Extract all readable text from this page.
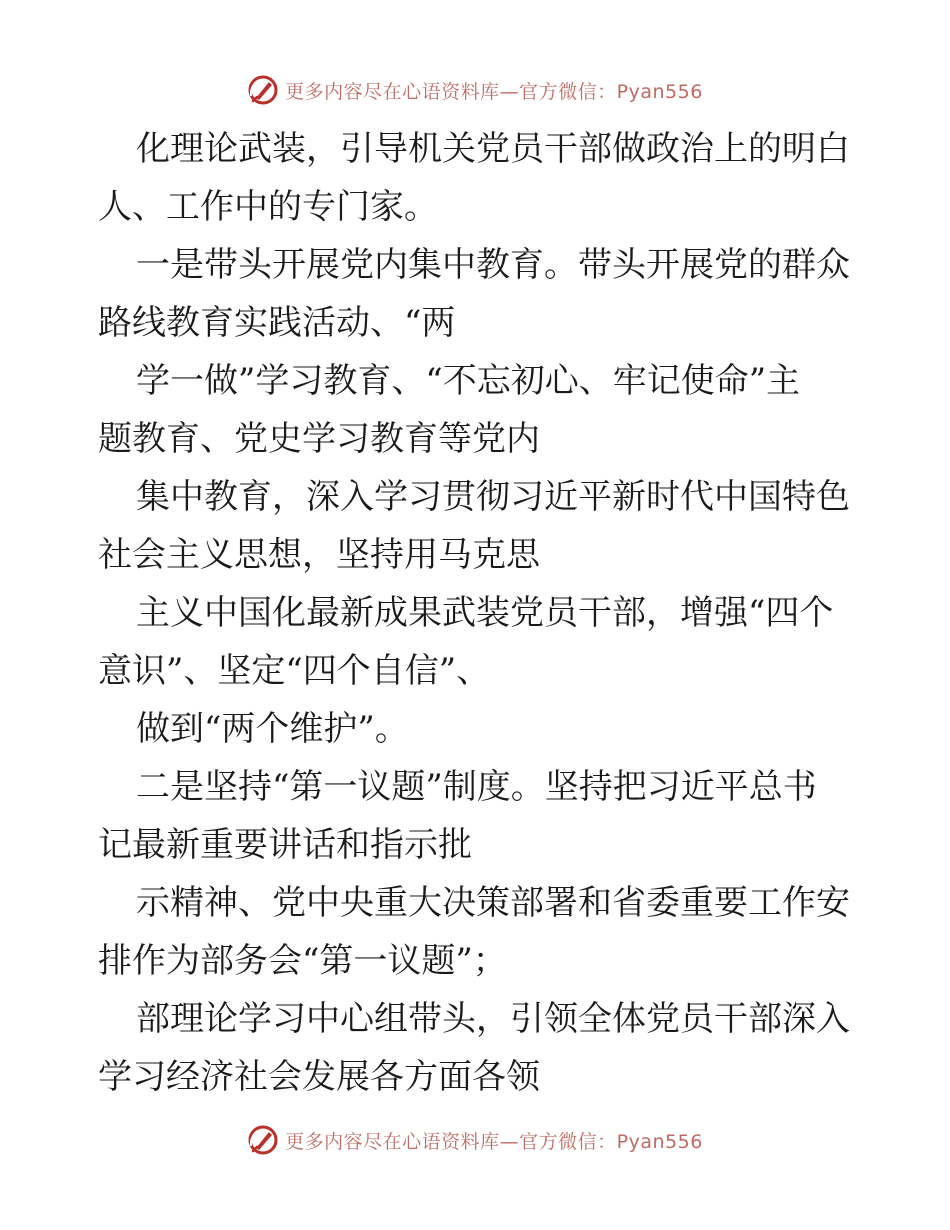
更多内容尽在心语资料库—官方微信：Pyan556
化理论武装，引导机关党员干部做政治上的明白
人、工作中的专门家。
一是带头开展党内集中教育。带头开展党的群众
路线教育实践活动、“两
学一做”学习教育、“不忘初心、牢记使命”主
题教育、党史学习教育等党内
集中教育，深入学习贯彻习近平新时代中国特色
社会主义思想，坚持用马克思
主义中国化最新成果武装党员干部，增强“四个
意识”、坚定“四个自信”、
做到“两个维护”。
二是坚持“第一议题”制度。坚持把习近平总书
记最新重要讲话和指示批
示精神、党中央重大决策部署和省委重要工作安
排作为部务会“第一议题”；
部理论学习中心组带头，引领全体党员干部深入
学习经济社会发展各方面各领
更多内容尽在心语资料库—官方微信：Pyan556
